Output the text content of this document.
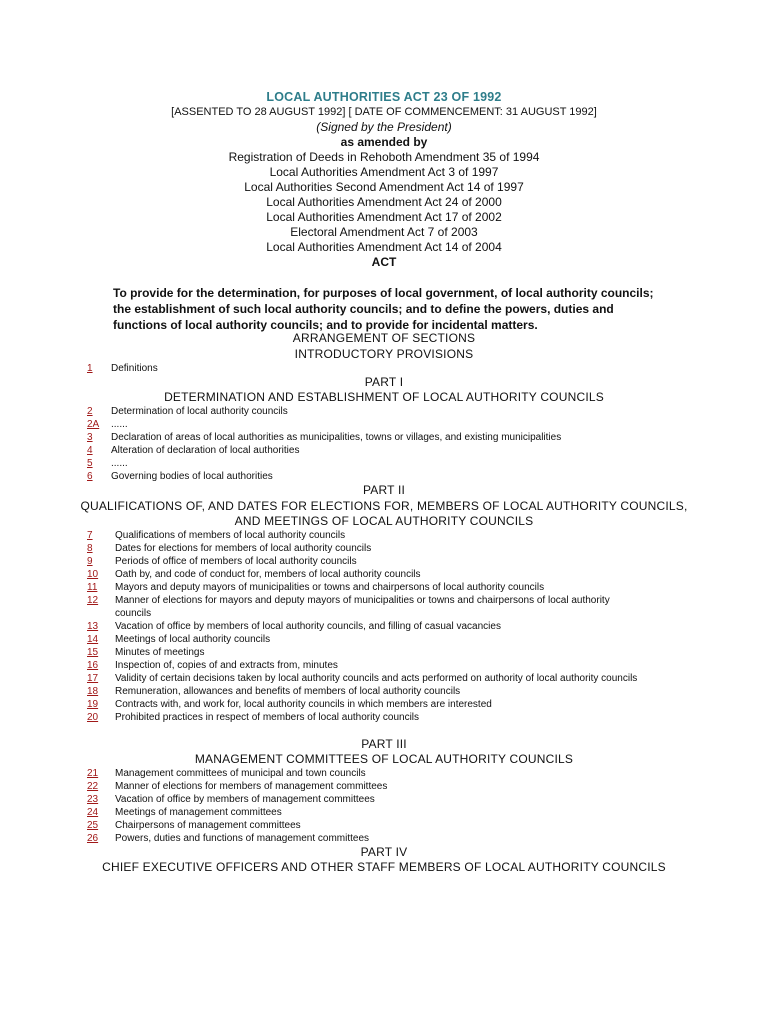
LOCAL AUTHORITIES ACT 23 OF 1992
[ASSENTED TO 28 AUGUST 1992] [ DATE OF COMMENCEMENT: 31 AUGUST 1992]
(Signed by the President)
as amended by
Registration of Deeds in Rehoboth Amendment 35 of 1994
Local Authorities Amendment Act 3 of 1997
Local Authorities Second Amendment Act 14 of 1997
Local Authorities Amendment Act 24 of 2000
Local Authorities Amendment Act 17 of 2002
Electoral Amendment Act 7 of 2003
Local Authorities Amendment Act 14 of 2004
ACT
To provide for the determination, for purposes of local government, of local authority councils; the establishment of such local authority councils; and to define the powers, duties and functions of local authority councils; and to provide for incidental matters.
ARRANGEMENT OF SECTIONS
INTRODUCTORY PROVISIONS
1	Definitions
PART I
DETERMINATION AND ESTABLISHMENT OF LOCAL AUTHORITY COUNCILS
2	Determination of local authority councils
2A	......
3	Declaration of areas of local authorities as municipalities, towns or villages, and existing municipalities
4	Alteration of declaration of local authorities
5	......
6	Governing bodies of local authorities
PART II
QUALIFICATIONS OF, AND DATES FOR ELECTIONS FOR, MEMBERS OF LOCAL AUTHORITY COUNCILS, AND MEETINGS OF LOCAL AUTHORITY COUNCILS
7	Qualifications of members of local authority councils
8	Dates for elections for members of local authority councils
9	Periods of office of members of local authority councils
10	Oath by, and code of conduct for, members of local authority councils
11	Mayors and deputy mayors of municipalities or towns and chairpersons of local authority councils
12	Manner of elections for mayors and deputy mayors of municipalities or towns and chairpersons of local authority councils
13	Vacation of office by members of local authority councils, and filling of casual vacancies
14	Meetings of local authority councils
15	Minutes of meetings
16	Inspection of, copies of and extracts from, minutes
17	Validity of certain decisions taken by local authority councils and acts performed on authority of local authority councils
18	Remuneration, allowances and benefits of members of local authority councils
19	Contracts with, and work for, local authority councils in which members are interested
20	Prohibited practices in respect of members of local authority councils
PART III
MANAGEMENT COMMITTEES OF LOCAL AUTHORITY COUNCILS
21	Management committees of municipal and town councils
22	Manner of elections for members of management committees
23	Vacation of office by members of management committees
24	Meetings of management committees
25	Chairpersons of management committees
26	Powers, duties and functions of management committees
PART IV
CHIEF EXECUTIVE OFFICERS AND OTHER STAFF MEMBERS OF LOCAL AUTHORITY COUNCILS
